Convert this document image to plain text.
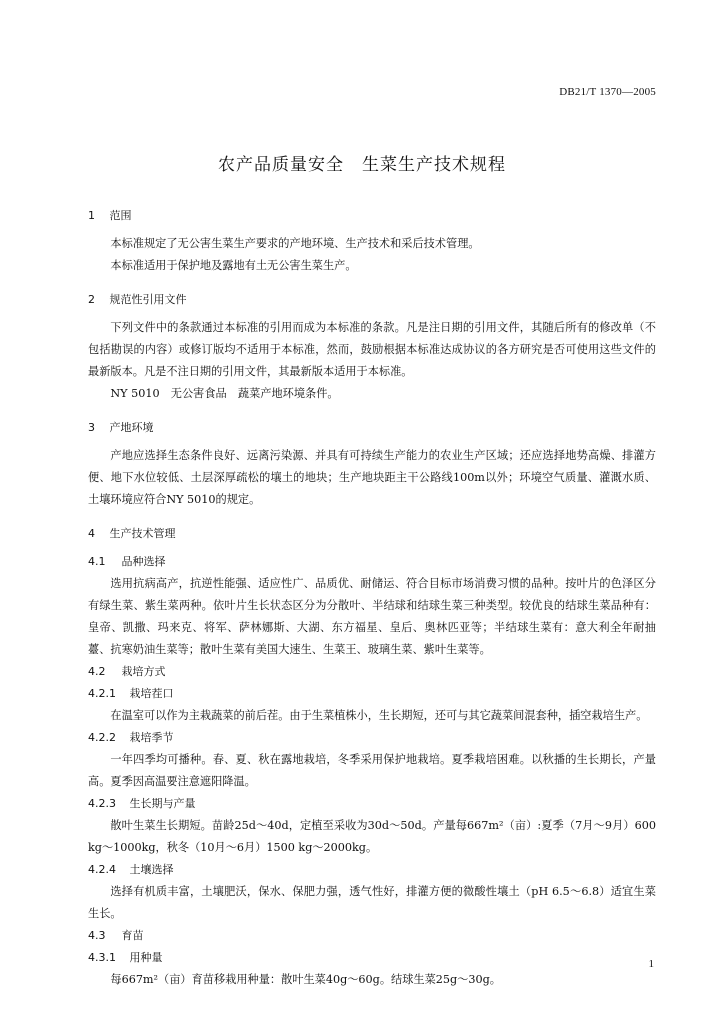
DB21/T 1370—2005
农产品质量安全　生菜生产技术规程
1 范围
本标准规定了无公害生菜生产要求的产地环境、生产技术和采后技术管理。
本标准适用于保护地及露地有土无公害生菜生产。
2 规范性引用文件
下列文件中的条款通过本标准的引用而成为本标准的条款。凡是注日期的引用文件，其随后所有的修改单（不包括勘误的内容）或修订版均不适用于本标准，然而，鼓励根据本标准达成协议的各方研究是否可使用这些文件的最新版本。凡是不注日期的引用文件，其最新版本适用于本标准。
NY 5010　无公害食品　蔬菜产地环境条件。
3 产地环境
产地应选择生态条件良好、远离污染源、并具有可持续生产能力的农业生产区域；还应选择地势高燥、排灌方便、地下水位较低、土层深厚疏松的壤土的地块；生产地块距主干公路线100m以外；环境空气质量、灌溉水质、土壤环境应符合NY 5010的规定。
4 生产技术管理
4.1 品种选择
选用抗病高产，抗逆性能强、适应性广、品质优、耐储运、符合目标市场消费习惯的品种。按叶片的色泽区分有绿生菜、紫生菜两种。依叶片生长状态区分为分散叶、半结球和结球生菜三种类型。较优良的结球生菜品种有：皇帝、凯撒、玛来克、将军、萨林娜斯、大湖、东方福星、皇后、奥林匹亚等；半结球生菜有：意大利全年耐抽薹、抗寒奶油生菜等；散叶生菜有美国大速生、生菜王、玻璃生菜、紫叶生菜等。
4.2 栽培方式
4.2.1 栽培茬口
在温室可以作为主栽蔬菜的前后茬。由于生菜植株小，生长期短，还可与其它蔬菜间混套种，插空栽培生产。
4.2.2 栽培季节
一年四季均可播种。春、夏、秋在露地栽培，冬季采用保护地栽培。夏季栽培困难。以秋播的生长期长，产量高。夏季因高温要注意遮阳降温。
4.2.3 生长期与产量
散叶生菜生长期短。苗龄25d～40d，定植至采收为30d～50d。产量每667m²（亩）:夏季（7月～9月）600 kg～1000kg，秋冬（10月～6月）1500 kg～2000kg。
4.2.4 土壤选择
选择有机质丰富，土壤肥沃，保水、保肥力强，透气性好，排灌方便的微酸性壤土（pH 6.5～6.8）适宜生菜生长。
4.3 育苗
4.3.1 用种量
每667m²（亩）育苗移栽用种量：散叶生菜40g～60g。结球生菜25g～30g。
1
